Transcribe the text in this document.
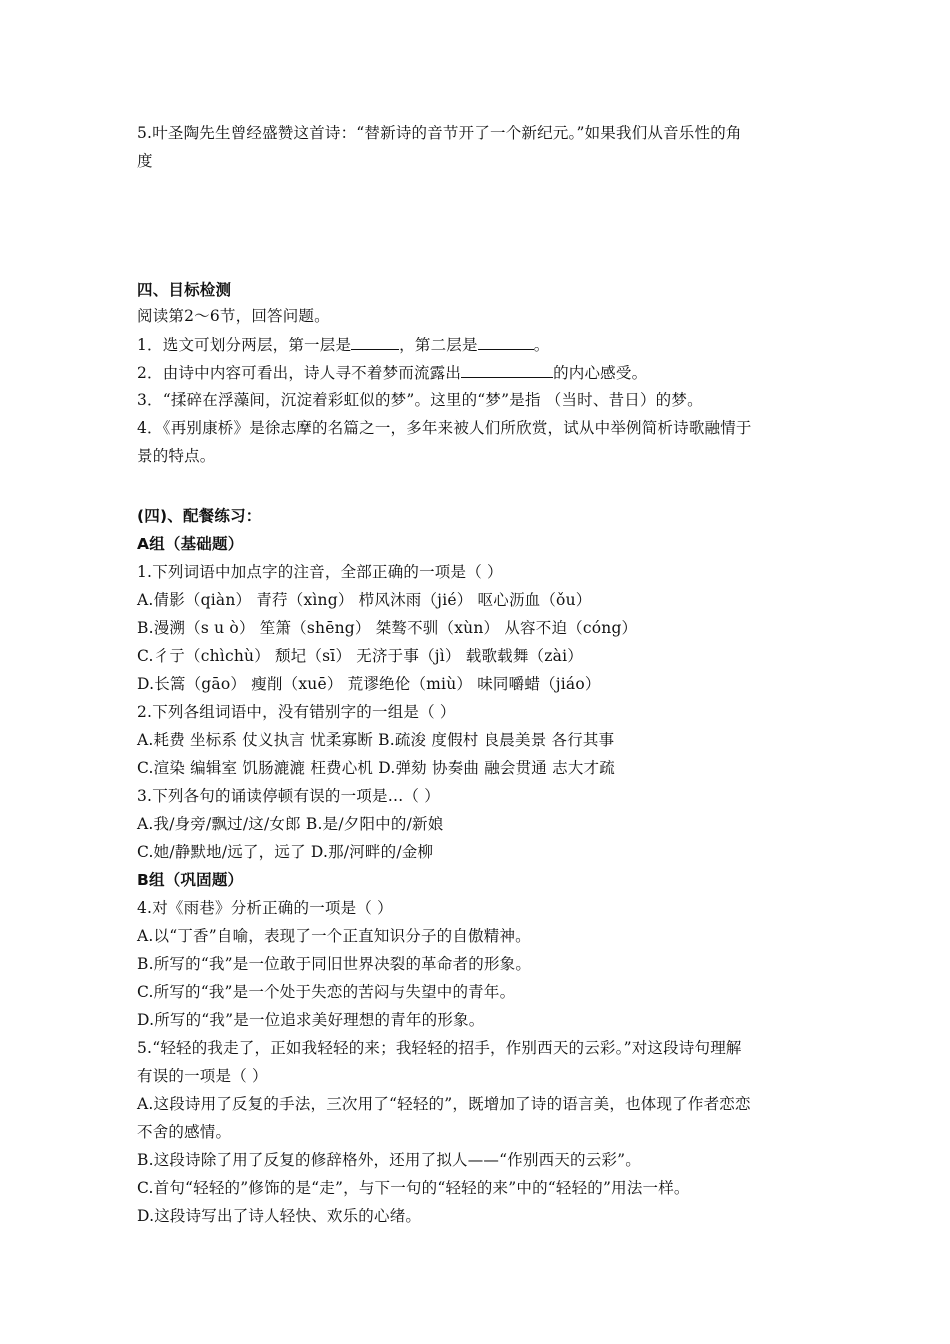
5.叶圣陶先生曾经盛赞这首诗：“替新诗的音节开了一个新纪元。”如果我们从音乐性的角
度
四、目标检测
阅读第2～6节，回答问题。
1．选文可划分两层，第一层是	，第二层是	。
2．由诗中内容可看出，诗人寻不着梦而流露出	的内心感受。
3．“揉碎在浮藻间，沉淀着彩虹似的梦”。这里的“梦”是指 （当时、昔日）的梦。
4．《再别康桥》是徐志摩的名篇之一，多年来被人们所欣赏，试从中举例简析诗歌融情于
景的特点。
(四)、配餐练习：
A组（基础题）
1.下列词语中加点字的注音，全部正确的一项是（ ）
A.倩影（qiàn） 青荇（xìng） 栉风沐雨（jié） 呕心沥血（ǒu）
B.漫溯（s u ò） 笙箫（shēng） 桀骜不驯（xùn） 从容不迫（cóng）
C.彳亍（chìchù） 颓圮（sī） 无济于事（jì） 载歌载舞（zài）
D.长篙（gāo） 瘦削（xuē） 荒谬绝伦（miù） 味同嚼蜡（jiáo）
2.下列各组词语中，没有错别字的一组是（ ）
A.耗费 坐标系 仗义执言 忧柔寡断 B.疏浚 度假村 良晨美景 各行其事
C.渲染 编辑室 饥肠漉漉 枉费心机 D.弹劾 协奏曲 融会贯通 志大才疏
3.下列各句的诵读停顿有误的一项是…（ ）
A.我/身旁/飘过/这/女郎 B.是/夕阳中的/新娘
C.她/静默地/远了，远了 D.那/河畔的/金柳
B组（巩固题）
4.对《雨巷》分析正确的一项是（ ）
A.以“丁香”自喻，表现了一个正直知识分子的自傲精神。
B.所写的“我”是一位敢于同旧世界决裂的革命者的形象。
C.所写的“我”是一个处于失恋的苦闷与失望中的青年。
D.所写的“我”是一位追求美好理想的青年的形象。
5.“轻轻的我走了，正如我轻轻的来；我轻轻的招手，作别西天的云彩。”对这段诗句理解
有误的一项是（ ）
A.这段诗用了反复的手法，三次用了“轻轻的”，既增加了诗的语言美，也体现了作者恋恋
不舍的感情。
B.这段诗除了用了反复的修辞格外，还用了拟人——“作别西天的云彩”。
C.首句“轻轻的”修饰的是“走”，与下一句的“轻轻的来”中的“轻轻的”用法一样。
D.这段诗写出了诗人轻快、欢乐的心绪。
